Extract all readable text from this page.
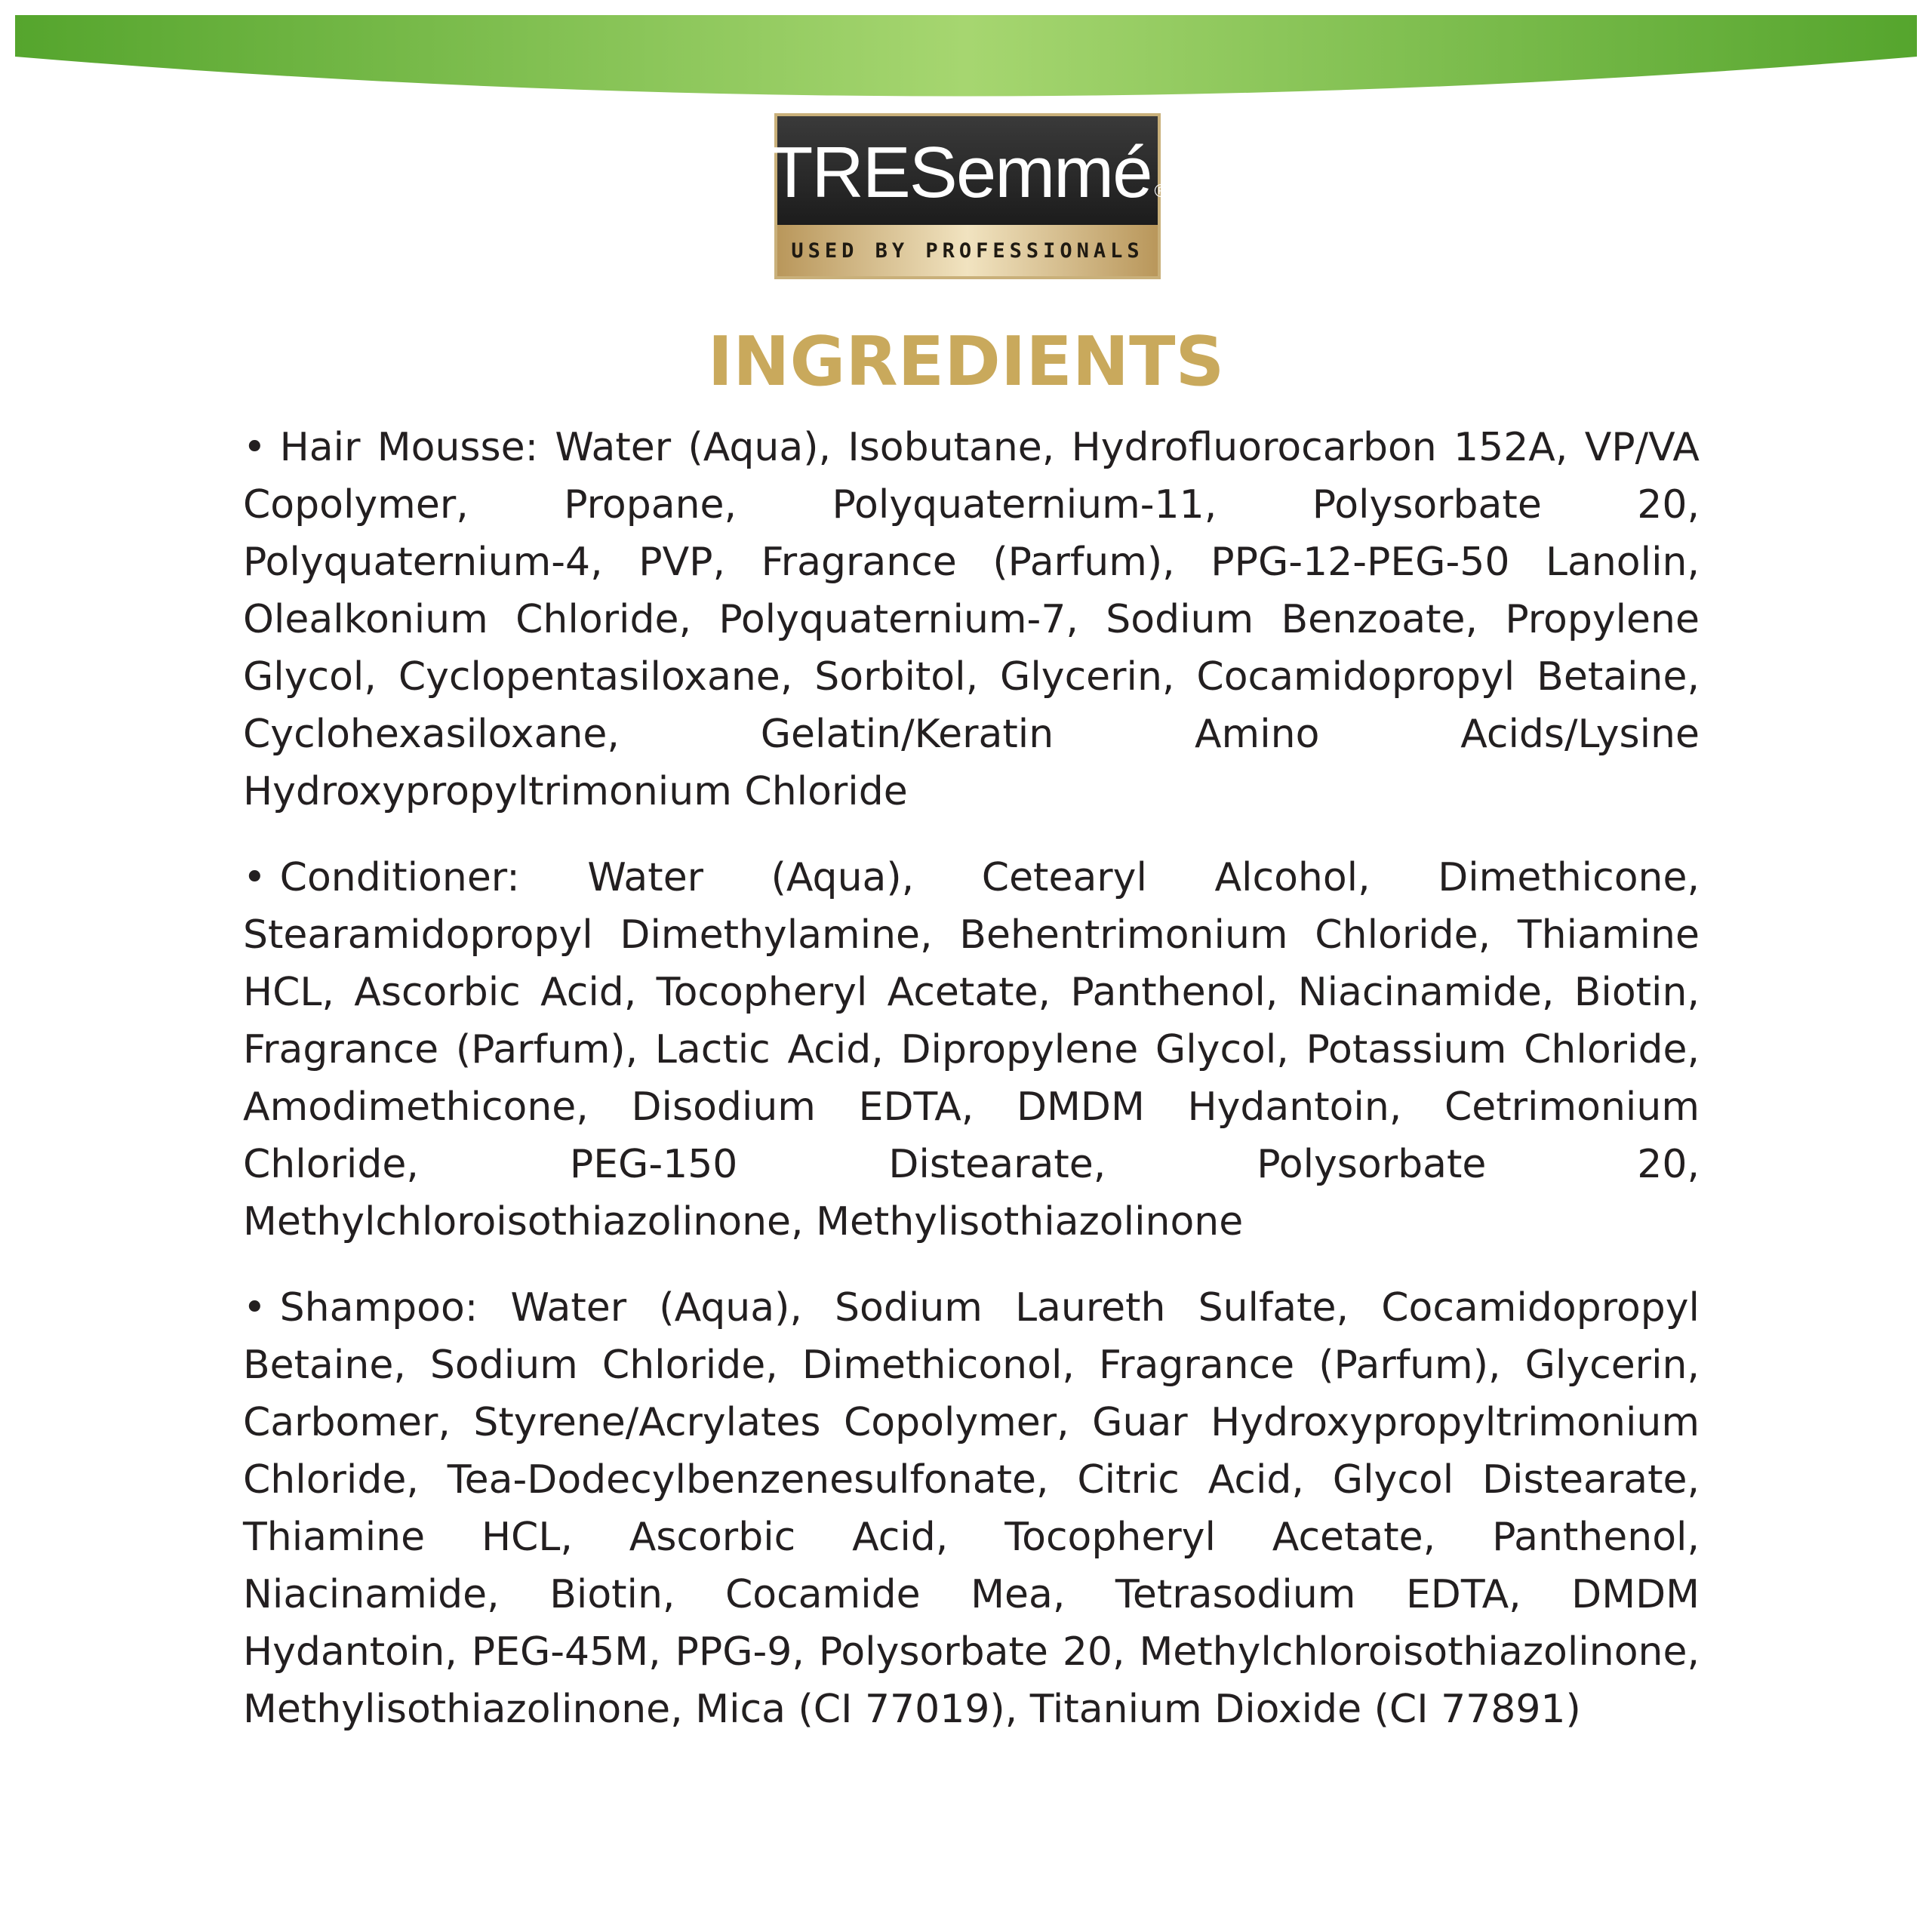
TRESemmé ®
USED BY PROFESSIONALS
INGREDIENTS

• Hair Mousse: Water (Aqua), Isobutane, Hydrofluorocarbon 152A, VP/VA Copolymer, Propane, Polyquaternium-11, Polysorbate 20, Polyquaternium-4, PVP, Fragrance (Parfum), PPG-12-PEG-50 Lanolin, Olealkonium Chloride, Polyquaternium-7, Sodium Benzoate, Propylene Glycol, Cyclopentasiloxane, Sorbitol, Glycerin, Cocamidopropyl Betaine, Cyclohexasiloxane, Gelatin/Keratin Amino Acids/Lysine Hydroxypropyltrimonium Chloride

• Conditioner: Water (Aqua), Cetearyl Alcohol, Dimethicone, Stearamidopropyl Dimethylamine, Behentrimonium Chloride, Thiamine HCL, Ascorbic Acid, Tocopheryl Acetate, Panthenol, Niacinamide, Biotin, Fragrance (Parfum), Lactic Acid, Dipropylene Glycol, Potassium Chloride, Amodimethicone, Disodium EDTA, DMDM Hydantoin, Cetrimonium Chloride, PEG-150 Distearate, Polysorbate 20, Methylchloroisothiazolinone, Methylisothiazolinone

• Shampoo: Water (Aqua), Sodium Laureth Sulfate, Cocamidopropyl Betaine, Sodium Chloride, Dimethiconol, Fragrance (Parfum), Glycerin, Carbomer, Styrene/Acrylates Copolymer, Guar Hydroxypropyltrimonium Chloride, Tea-Dodecylbenzenesulfonate, Citric Acid, Glycol Distearate, Thiamine HCL, Ascorbic Acid, Tocopheryl Acetate, Panthenol, Niacinamide, Biotin, Cocamide Mea, Tetrasodium EDTA, DMDM Hydantoin, PEG-45M, PPG-9, Polysorbate 20, Methylchloroisothiazolinone, Methylisothiazolinone, Mica (CI 77019), Titanium Dioxide (CI 77891)
